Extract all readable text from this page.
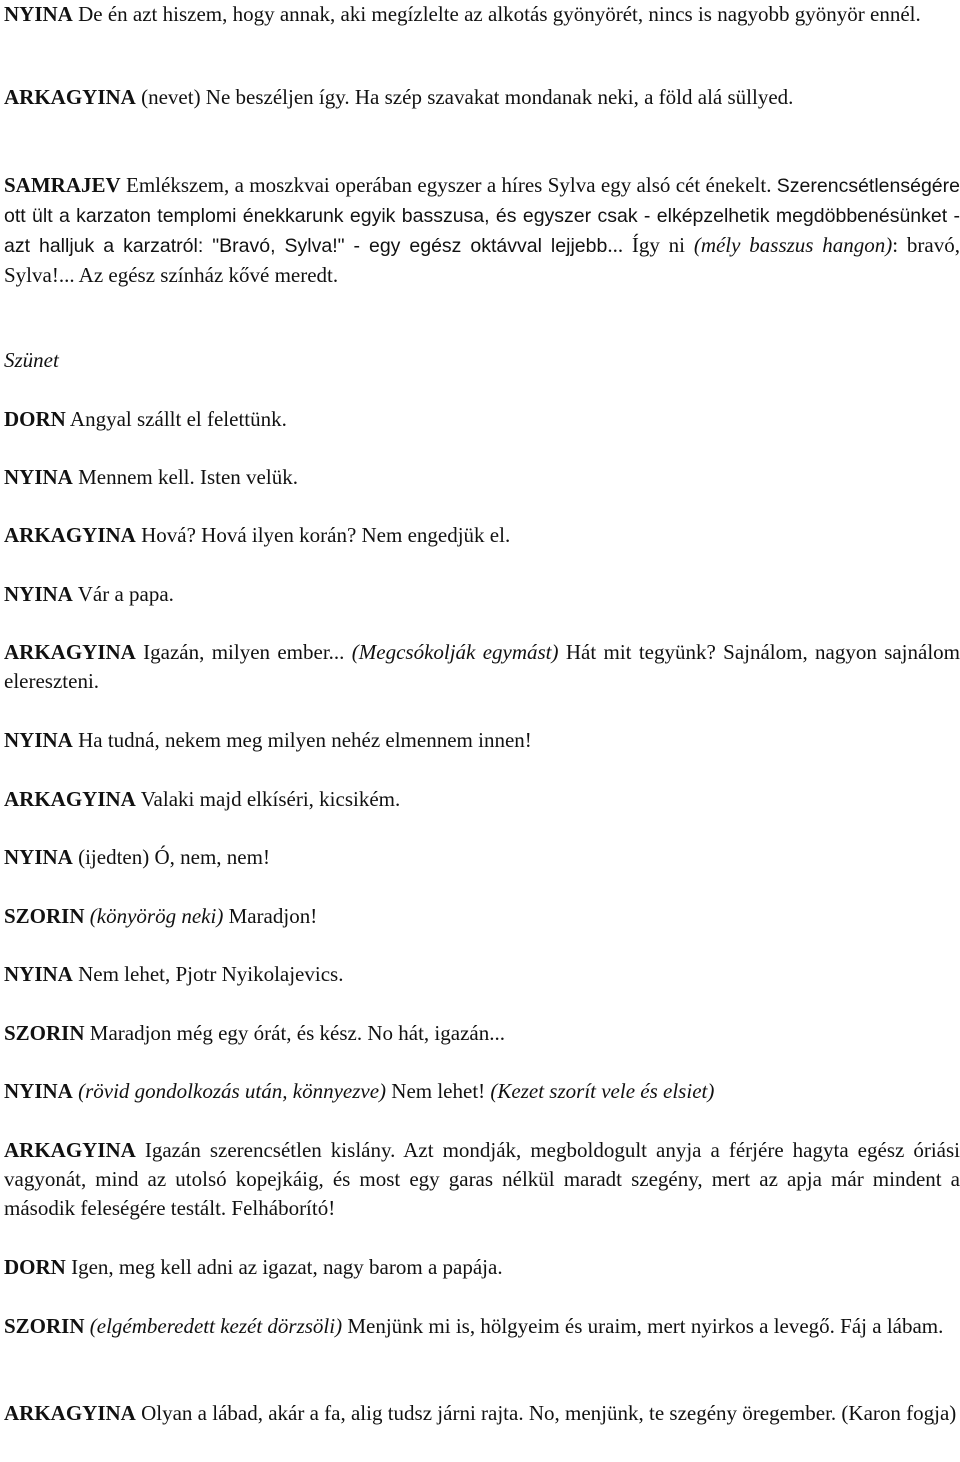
NYINA De én azt hiszem, hogy annak, aki megízlelte az alkotás gyönyörét, nincs is nagyobb gyönyör ennél.

ARKAGYINA (nevet) Ne beszéljen így. Ha szép szavakat mondanak neki, a föld alá süllyed.

SAMRAJEV Emlékszem, a moszkvai operában egyszer a híres Sylva egy alsó cét énekelt. Szerencsétlenségére ott ült a karzaton templomi énekkarunk egyik basszusa, és egyszer csak - elképzelhetik megdöbbenésünket - azt halljuk a karzatról: "Bravó, Sylva!" - egy egész oktávval lejjebb... Így ni (mély basszus hangon): bravó, Sylva!... Az egész színház kővé meredt.

Szünet

DORN Angyal szállt el felettünk.

NYINA Mennem kell. Isten velük.

ARKAGYINA Hová? Hová ilyen korán? Nem engedjük el.

NYINA Vár a papa.

ARKAGYINA Igazán, milyen ember... (Megcsókolják egymást) Hát mit tegyünk? Sajnálom, nagyon sajnálom elereszteni.

NYINA Ha tudná, nekem meg milyen nehéz elmennem innen!

ARKAGYINA Valaki majd elkíséri, kicsikém.

NYINA (ijedten) Ó, nem, nem!

SZORIN (könyörög neki) Maradjon!

NYINA Nem lehet, Pjotr Nyikolajevics.

SZORIN Maradjon még egy órát, és kész. No hát, igazán...

NYINA (rövid gondolkozás után, könnyezve) Nem lehet! (Kezet szorít vele és elsiet)

ARKAGYINA Igazán szerencsétlen kislány. Azt mondják, megboldogult anyja a férjére hagyta egész óriási vagyonát, mind az utolsó kopejkáig, és most egy garas nélkül maradt szegény, mert az apja már mindent a második feleségére testált. Felháborító!

DORN Igen, meg kell adni az igazat, nagy barom a papája.

SZORIN (elgémberedett kezét dörzsöli) Menjünk mi is, hölgyeim és uraim, mert nyirkos a levegő. Fáj a lábam.

ARKAGYINA Olyan a lábad, akár a fa, alig tudsz járni rajta. No, menjünk, te szegény öregember. (Karon fogja)
